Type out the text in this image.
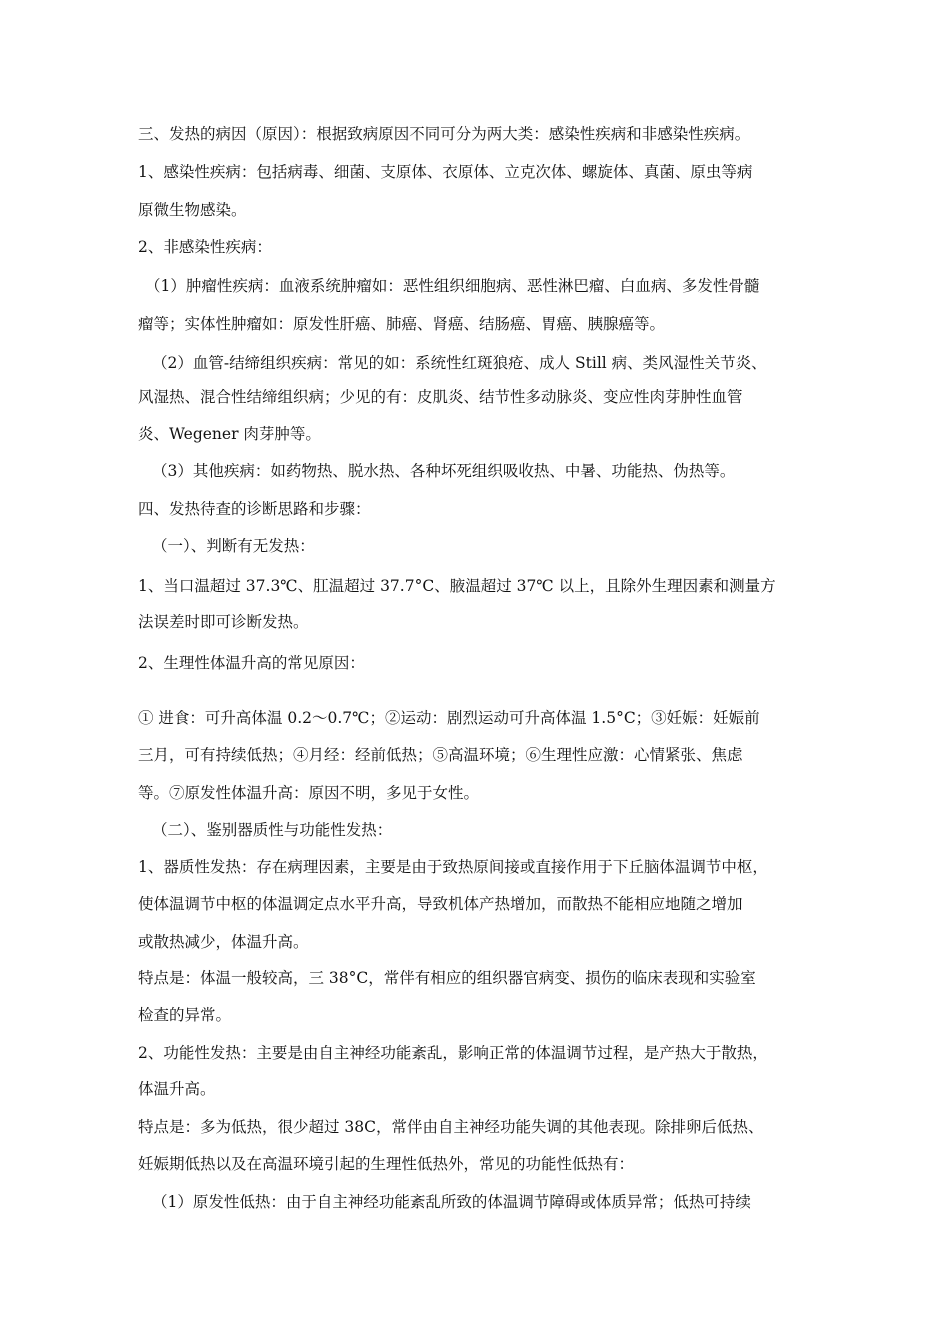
三、发热的病因（原因）：根据致病原因不同可分为两大类：感染性疾病和非感染性疾病。
1、感染性疾病：包括病毒、细菌、支原体、衣原体、立克次体、螺旋体、真菌、原虫等病
原微生物感染。
2、非感染性疾病：
（1）肿瘤性疾病：血液系统肿瘤如：恶性组织细胞病、恶性淋巴瘤、白血病、多发性骨髓
瘤等；实体性肿瘤如：原发性肝癌、肺癌、肾癌、结肠癌、胃癌、胰腺癌等。
（2）血管-结缔组织疾病：常见的如：系统性红斑狼疮、成人 Still 病、类风湿性关节炎、
风湿热、混合性结缔组织病；少见的有：皮肌炎、结节性多动脉炎、变应性肉芽肿性血管
炎、Wegener 肉芽肿等。
（3）其他疾病：如药物热、脱水热、各种坏死组织吸收热、中暑、功能热、伪热等。
四、发热待查的诊断思路和步骤：
（一）、判断有无发热：
1、当口温超过 37.3℃、肛温超过 37.7°C、腋温超过 37℃ 以上，且除外生理因素和测量方
法误差时即可诊断发热。
2、生理性体温升高的常见原因：
① 进食：可升高体温 0.2～0.7℃；②运动：剧烈运动可升高体温 1.5°C；③妊娠：妊娠前
三月，可有持续低热；④月经：经前低热；⑤高温环境；⑥生理性应激：心情紧张、焦虑
等。⑦原发性体温升高：原因不明，多见于女性。
（二）、鉴别器质性与功能性发热：
1、器质性发热：存在病理因素，主要是由于致热原间接或直接作用于下丘脑体温调节中枢，
使体温调节中枢的体温调定点水平升高，导致机体产热增加，而散热不能相应地随之增加
或散热减少，体温升高。
特点是：体温一般较高，三 38°C，常伴有相应的组织器官病变、损伤的临床表现和实验室
检查的异常。
2、功能性发热：主要是由自主神经功能紊乱，影响正常的体温调节过程，是产热大于散热，
体温升高。
特点是：多为低热，很少超过 38C，常伴由自主神经功能失调的其他表现。除排卵后低热、
妊娠期低热以及在高温环境引起的生理性低热外，常见的功能性低热有：
（1）原发性低热：由于自主神经功能紊乱所致的体温调节障碍或体质异常；低热可持续
